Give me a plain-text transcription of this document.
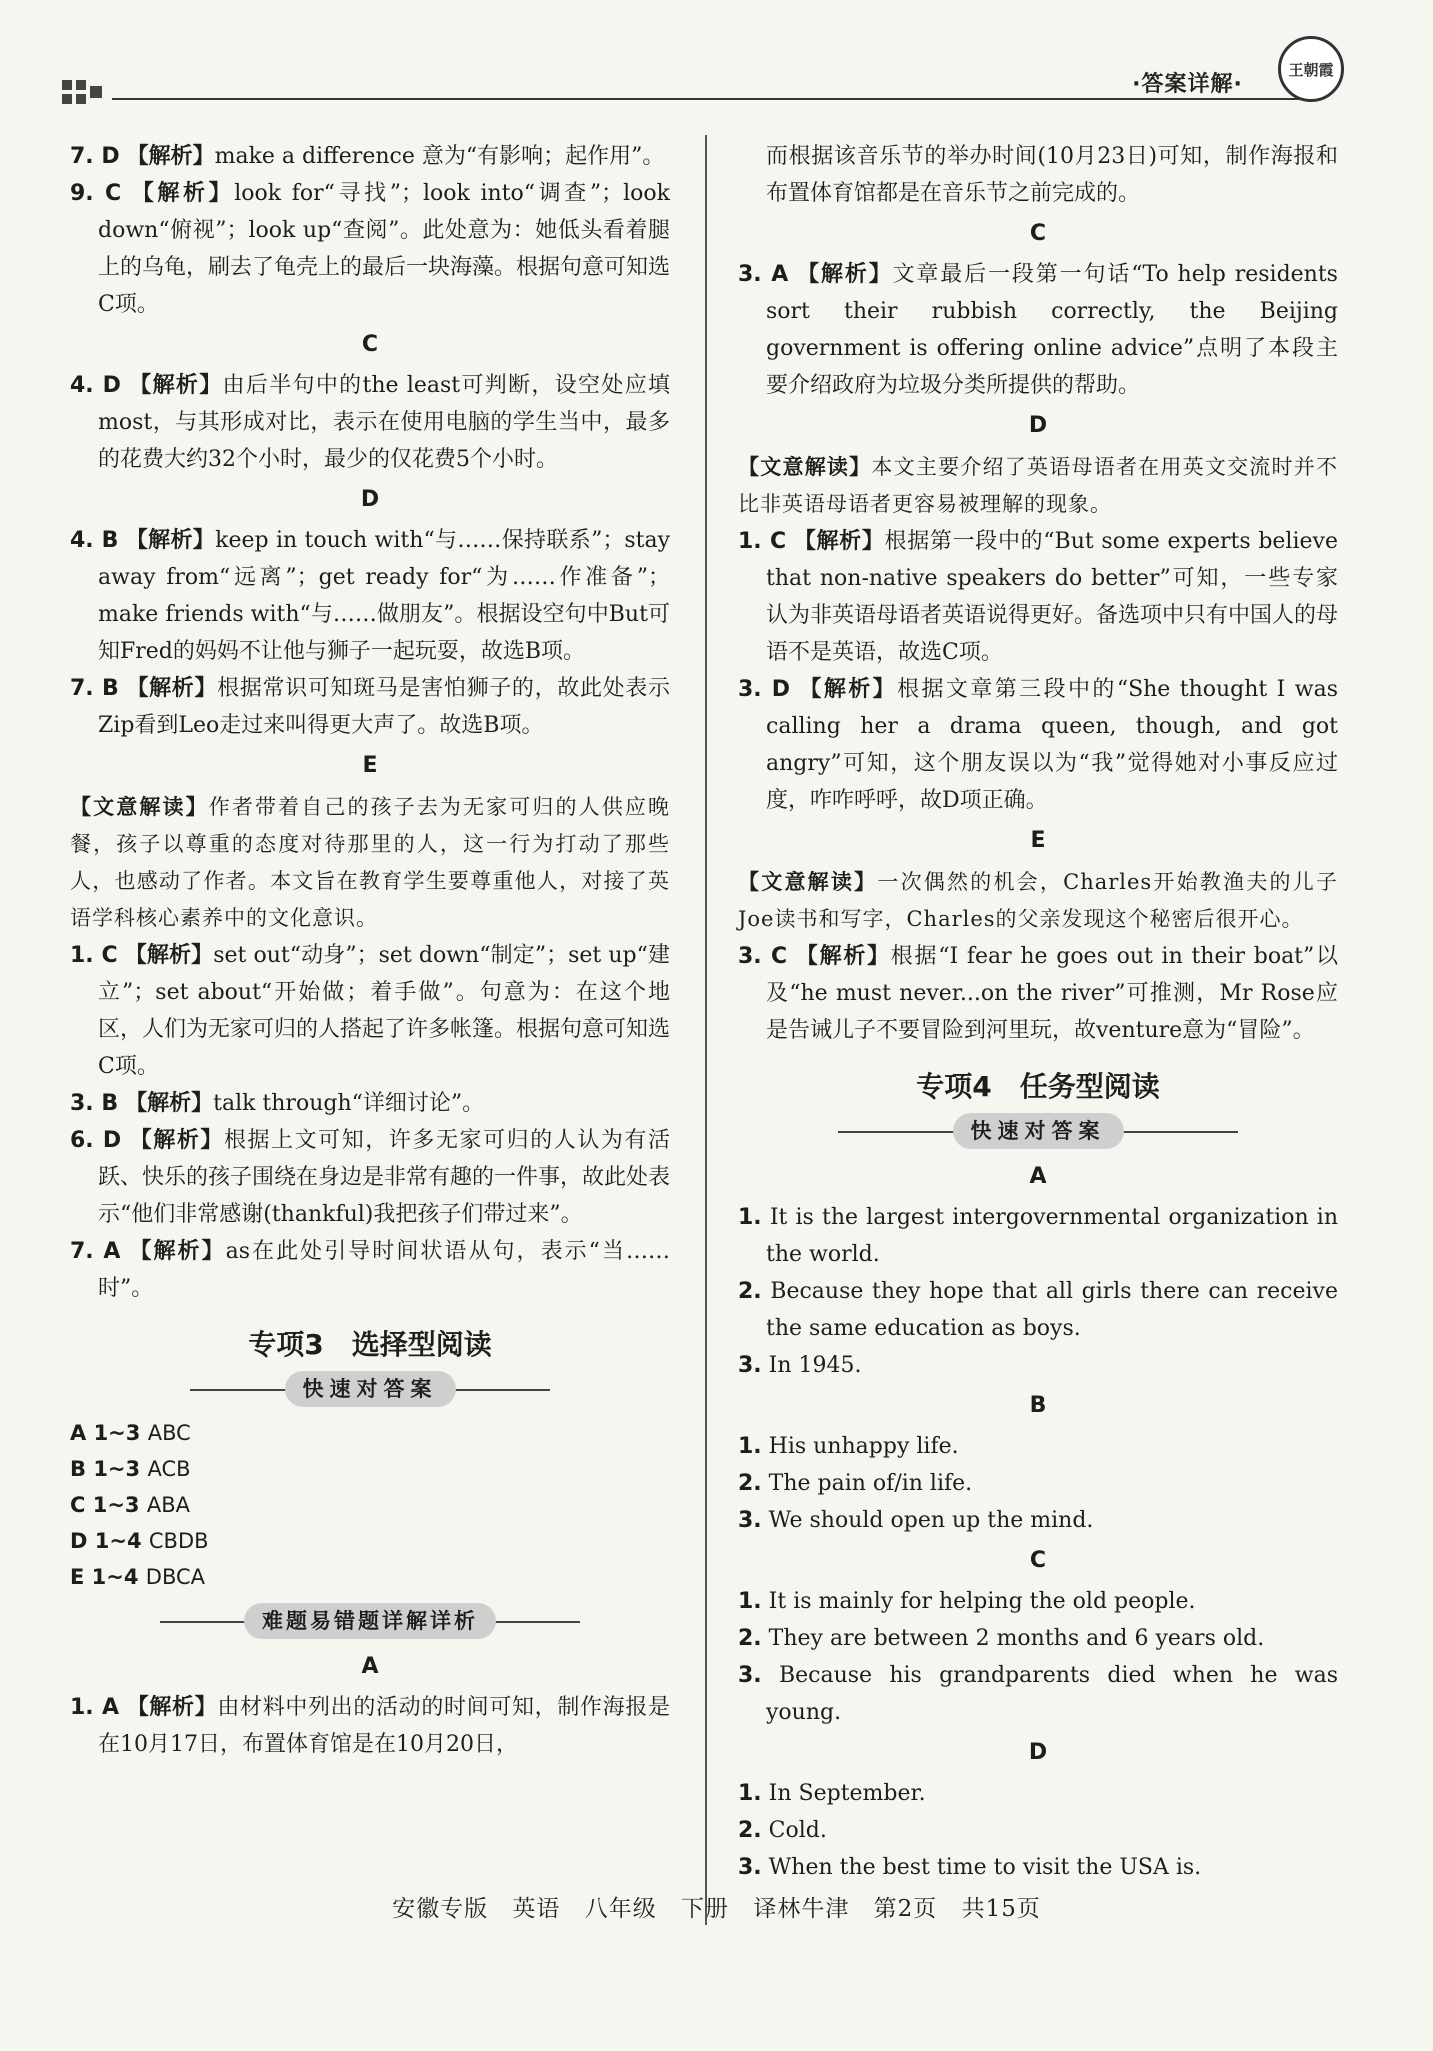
·答案详解·
王朝霞

7. D 【解析】make a difference 意为“有影响；起作用”。

9. C 【解析】look for“寻找”；look into“调查”；look down“俯视”；look up“查阅”。此处意为：她低头看着腿上的乌龟，刷去了龟壳上的最后一块海藻。根据句意可知选C项。

C

4. D 【解析】由后半句中的the least可判断，设空处应填most，与其形成对比，表示在使用电脑的学生当中，最多的花费大约32个小时，最少的仅花费5个小时。

D

4. B 【解析】keep in touch with“与……保持联系”；stay away from“远离”；get ready for“为……作准备”；make friends with“与……做朋友”。根据设空句中But可知Fred的妈妈不让他与狮子一起玩耍，故选B项。

7. B 【解析】根据常识可知斑马是害怕狮子的，故此处表示Zip看到Leo走过来叫得更大声了。故选B项。

E

【文意解读】作者带着自己的孩子去为无家可归的人供应晚餐，孩子以尊重的态度对待那里的人，这一行为打动了那些人，也感动了作者。本文旨在教育学生要尊重他人，对接了英语学科核心素养中的文化意识。

1. C 【解析】set out“动身”；set down“制定”；set up“建立”；set about“开始做；着手做”。句意为：在这个地区，人们为无家可归的人搭起了许多帐篷。根据句意可知选C项。

3. B 【解析】talk through“详细讨论”。

6. D 【解析】根据上文可知，许多无家可归的人认为有活跃、快乐的孩子围绕在身边是非常有趣的一件事，故此处表示“他们非常感谢(thankful)我把孩子们带过来”。

7. A 【解析】as在此处引导时间状语从句，表示“当……时”。

专项3　选择型阅读
快速对答案
A 1~3 ABC
B 1~3 ACB
C 1~3 ABA
D 1~4 CBDB
E 1~4 DBCA
难题易错题详解详析
A

1. A 【解析】由材料中列出的活动的时间可知，制作海报是在10月17日，布置体育馆是在10月20日，

而根据该音乐节的举办时间(10月23日)可知，制作海报和布置体育馆都是在音乐节之前完成的。

C

3. A 【解析】文章最后一段第一句话“To help residents sort their rubbish correctly, the Beijing government is offering online advice”点明了本段主要介绍政府为垃圾分类所提供的帮助。

D

【文意解读】本文主要介绍了英语母语者在用英文交流时并不比非英语母语者更容易被理解的现象。

1. C 【解析】根据第一段中的“But some experts believe that non-native speakers do better”可知，一些专家认为非英语母语者英语说得更好。备选项中只有中国人的母语不是英语，故选C项。

3. D 【解析】根据文章第三段中的“She thought I was calling her a drama queen, though, and got angry”可知，这个朋友误以为“我”觉得她对小事反应过度，咋咋呼呼，故D项正确。

E

【文意解读】一次偶然的机会，Charles开始教渔夫的儿子Joe读书和写字，Charles的父亲发现这个秘密后很开心。

3. C 【解析】根据“I fear he goes out in their boat”以及“he must never...on the river”可推测，Mr Rose应是告诫儿子不要冒险到河里玩，故venture意为“冒险”。

专项4　任务型阅读
快速对答案
A

1. It is the largest intergovernmental organization in the world.

2. Because they hope that all girls there can receive the same education as boys.

3. In 1945.

B

1. His unhappy life.

2. The pain of/in life.

3. We should open up the mind.

C

1. It is mainly for helping the old people.

2. They are between 2 months and 6 years old.

3. Because his grandparents died when he was young.

D

1. In September.

2. Cold.

3. When the best time to visit the USA is.

安徽专版 英语 八年级 下册 译林牛津 第2页 共15页
